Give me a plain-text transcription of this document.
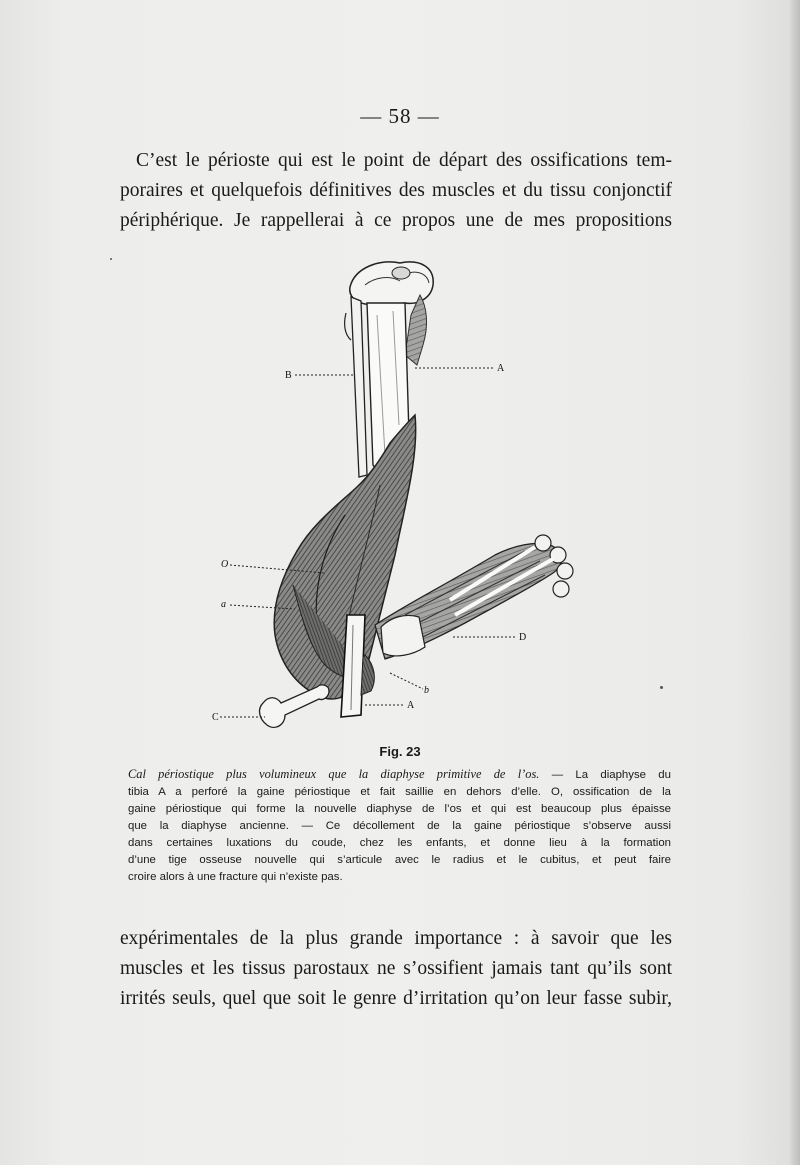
— 58 —
C’est le périoste qui est le point de départ des ossifications tem-
poraires et quelquefois définitives des muscles et du tissu conjonctif
périphérique. Je rappellerai à ce propos une de mes propositions
B
A
O
a
D
b
C
A
Fig. 23
Cal périostique plus volumineux que la diaphyse primitive de l’os. — La diaphyse du
tibia A a perforé la gaine périostique et fait saillie en dehors d’elle. O, ossification de la
gaine périostique qui forme la nouvelle diaphyse de l’os et qui est beaucoup plus épaisse
que la diaphyse ancienne. — Ce décollement de la gaine périostique s’observe aussi
dans certaines luxations du coude, chez les enfants, et donne lieu à la formation
d’une tige osseuse nouvelle qui s’articule avec le radius et le cubitus, et peut faire
croire alors à une fracture qui n’existe pas.
expérimentales de la plus grande importance : à savoir que les
muscles et les tissus parostaux ne s’ossifient jamais tant qu’ils sont
irrités seuls, quel que soit le genre d’irritation qu’on leur fasse subir,
